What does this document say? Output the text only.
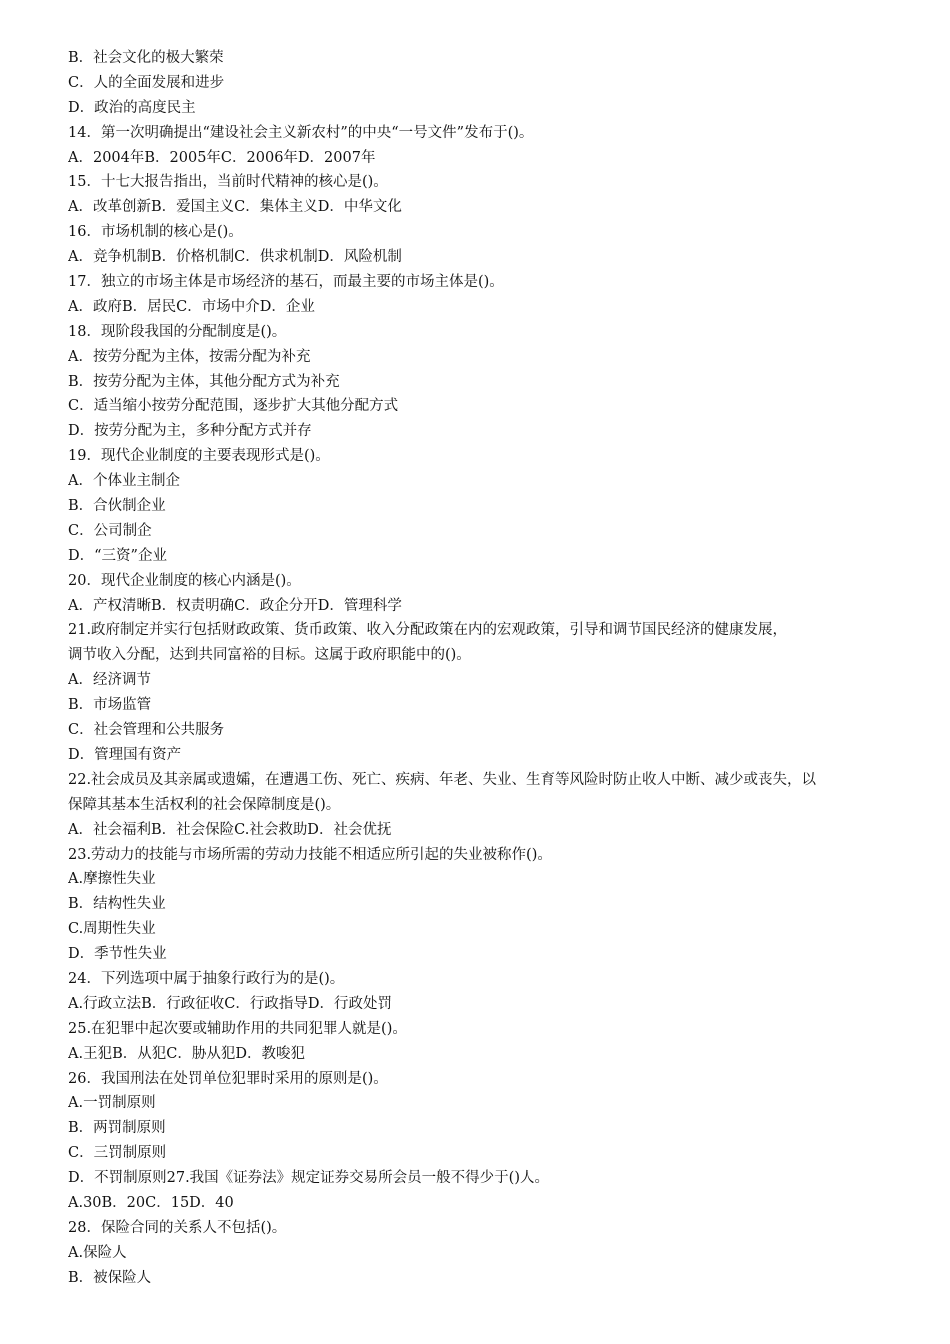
B．社会文化的极大繁荣
C．人的全面发展和进步
D．政治的高度民主
14．第一次明确提出“建设社会主义新农村”的中央“一号文件”发布于()。
A．2004年B．2005年C．2006年D．2007年
15．十七大报告指出，当前时代精神的核心是()。
A．改革创新B．爱国主义C．集体主义D．中华文化
16．市场机制的核心是()。
A．竞争机制B．价格机制C．供求机制D．风险机制
17．独立的市场主体是市场经济的基石，而最主要的市场主体是()。
A．政府B．居民C．市场中介D．企业
18．现阶段我国的分配制度是()。
A．按劳分配为主体，按需分配为补充
B．按劳分配为主体，其他分配方式为补充
C．适当缩小按劳分配范围，逐步扩大其他分配方式
D．按劳分配为主，多种分配方式并存
19．现代企业制度的主要表现形式是()。
A．个体业主制企
B．合伙制企业
C．公司制企
D．“三资”企业
20．现代企业制度的核心内涵是()。
A．产权清晰B．权责明确C．政企分开D．管理科学
21.政府制定并实行包括财政政策、货币政策、收入分配政策在内的宏观政策，引导和调节国民经济的健康发展，
调节收入分配，达到共同富裕的目标。这属于政府职能中的()。
A．经济调节
B．市场监管
C．社会管理和公共服务
D．管理国有资产
22.社会成员及其亲属或遗孀，在遭遇工伤、死亡、疾病、年老、失业、生育等风险时防止收人中断、减少或丧失，以
保障其基本生活权利的社会保障制度是()。
A．社会福利B．社会保险C.社会救助D．社会优抚
23.劳动力的技能与市场所需的劳动力技能不相适应所引起的失业被称作()。
A.摩擦性失业
B．结构性失业
C.周期性失业
D．季节性失业
24．下列选项中属于抽象行政行为的是()。
A.行政立法B．行政征收C．行政指导D．行政处罚
25.在犯罪中起次要或辅助作用的共同犯罪人就是()。
A.王犯B．从犯C．胁从犯D．教唆犯
26．我国刑法在处罚单位犯罪时采用的原则是()。
A.一罚制原则
B．两罚制原则
C．三罚制原则
D．不罚制原则27.我国《证券法》规定证券交易所会员一般不得少于()人。
A.30B．20C．15D．40
28．保险合同的关系人不包括()。
A.保险人
B．被保险人
